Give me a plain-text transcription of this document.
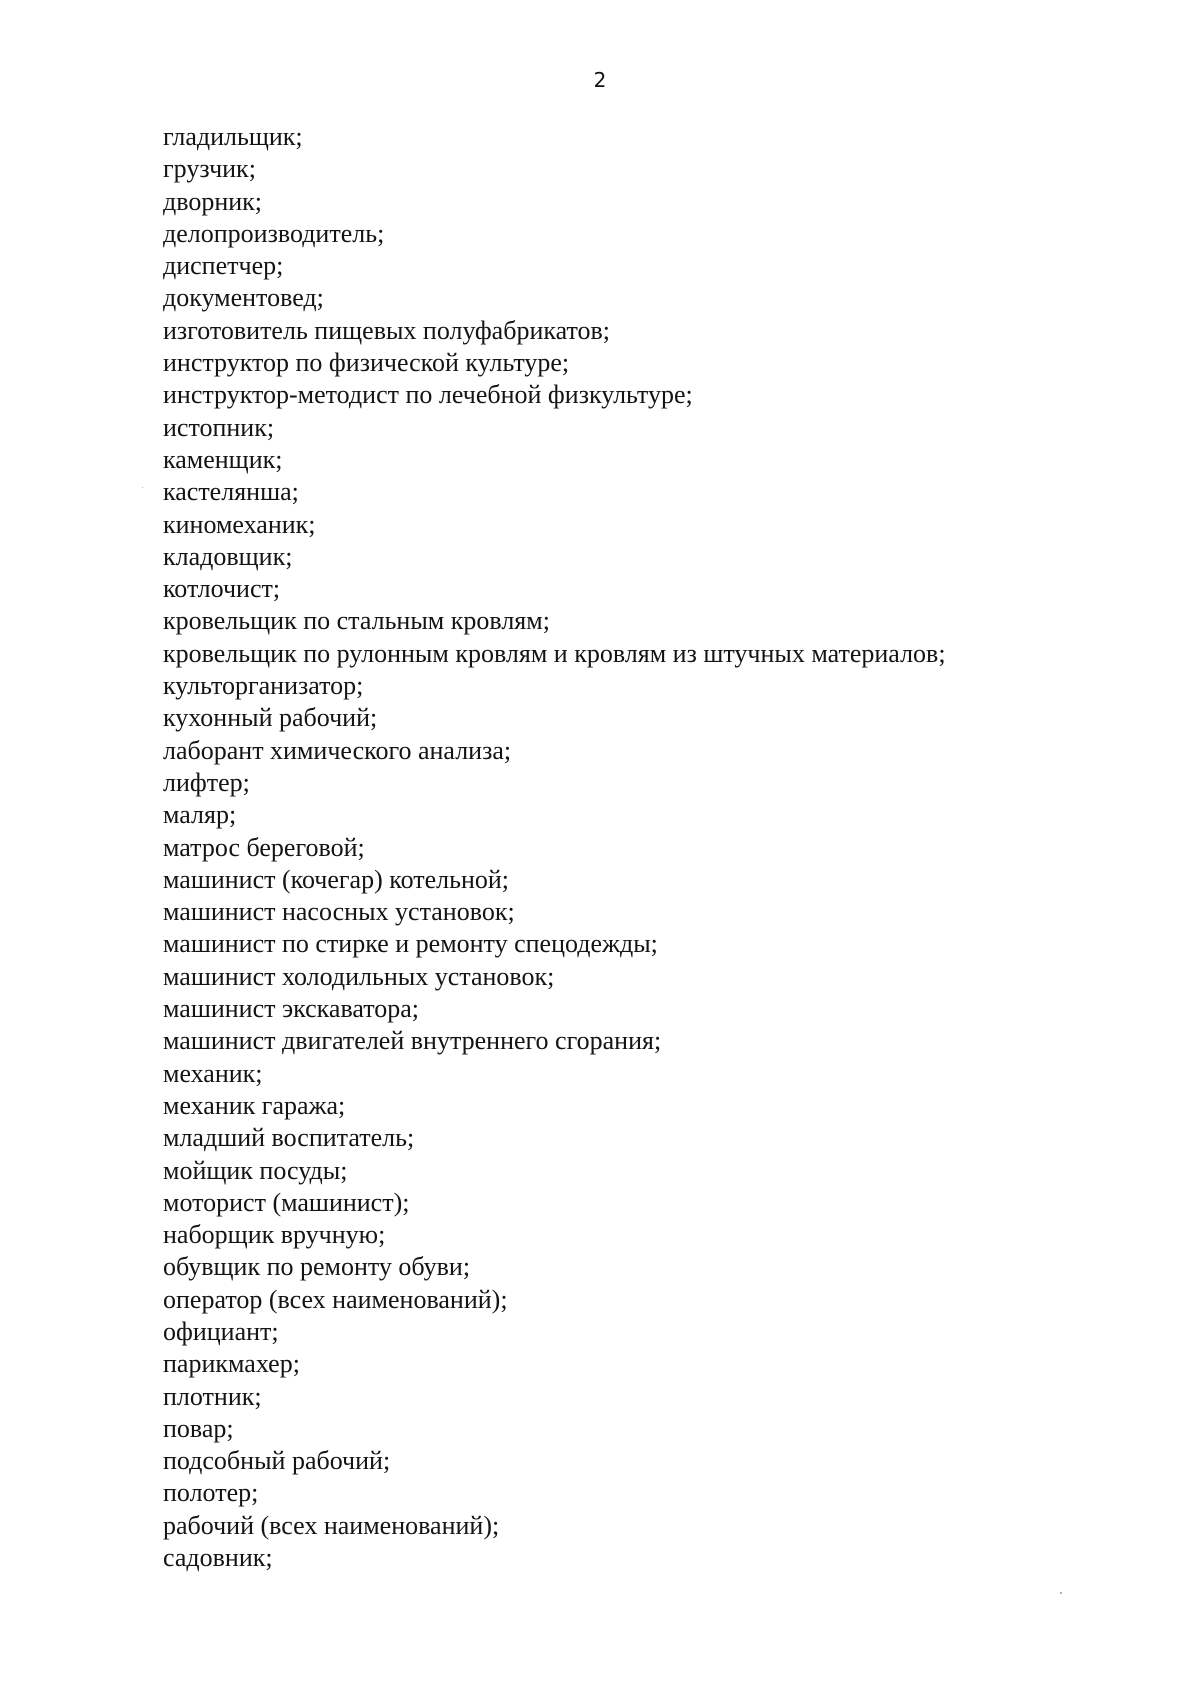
2

гладильщик;
грузчик;
дворник;
делопроизводитель;
диспетчер;
документовед;
изготовитель пищевых полуфабрикатов;
инструктор по физической культуре;
инструктор-методист по лечебной физкультуре;
истопник;
каменщик;
кастелянша;
киномеханик;
кладовщик;
котлочист;
кровельщик по стальным кровлям;
кровельщик по рулонным кровлям и кровлям из штучных материалов;
культорганизатор;
кухонный рабочий;
лаборант химического анализа;
лифтер;
маляр;
матрос береговой;
машинист (кочегар) котельной;
машинист насосных установок;
машинист по стирке и ремонту спецодежды;
машинист холодильных установок;
машинист экскаватора;
машинист двигателей внутреннего сгорания;
механик;
механик гаража;
младший воспитатель;
мойщик посуды;
моторист (машинист);
наборщик вручную;
обувщик по ремонту обуви;
оператор (всех наименований);
официант;
парикмахер;
плотник;
повар;
подсобный рабочий;
полотер;
рабочий (всех наименований);
садовник;
